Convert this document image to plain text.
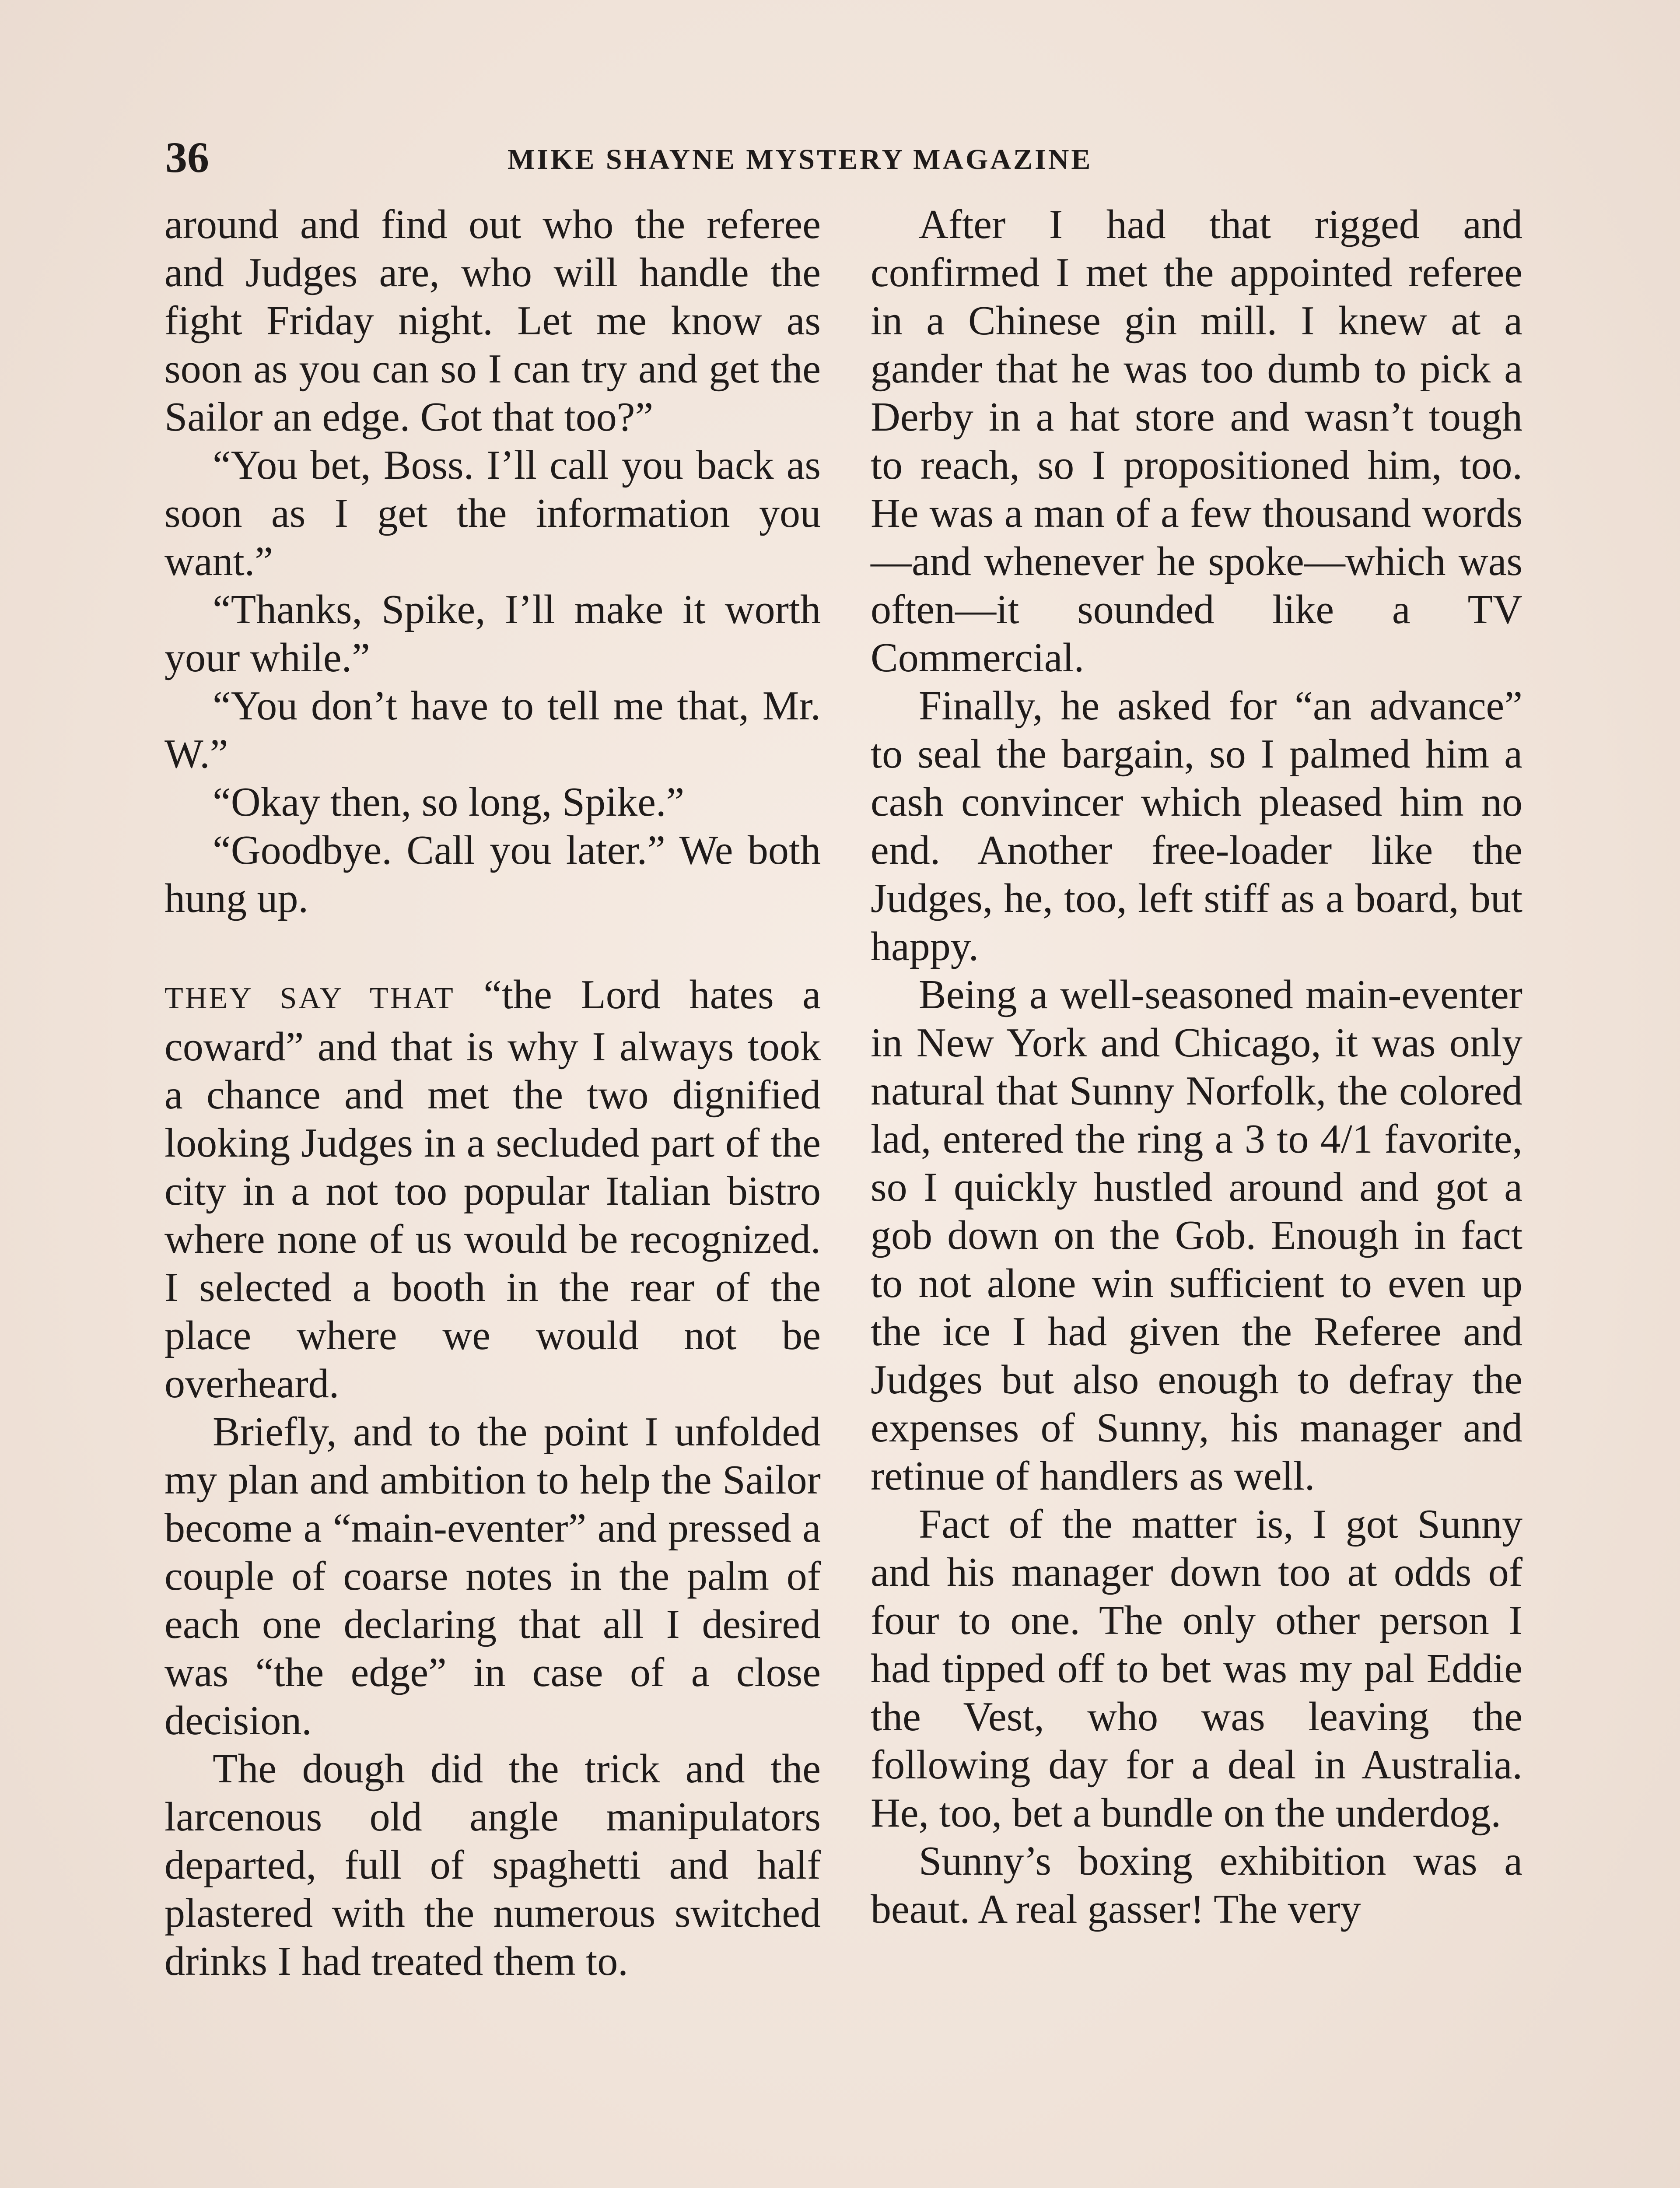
36	MIKE SHAYNE MYSTERY MAGAZINE

around and find out who the referee and Judges are, who will handle the fight Friday night. Let me know as soon as you can so I can try and get the Sailor an edge. Got that too?”

“You bet, Boss. I’ll call you back as soon as I get the information you want.”

“Thanks, Spike, I’ll make it worth your while.”

“You don’t have to tell me that, Mr. W.”

“Okay then, so long, Spike.”

“Goodbye. Call you later.” We both hung up.

THEY SAY THAT “the Lord hates a coward” and that is why I always took a chance and met the two dignified looking Judges in a secluded part of the city in a not too popular Italian bistro where none of us would be recognized. I selected a booth in the rear of the place where we would not be overheard.

Briefly, and to the point I unfolded my plan and ambition to help the Sailor become a “main-eventer” and pressed a couple of coarse notes in the palm of each one declaring that all I desired was “the edge” in case of a close decision.

The dough did the trick and the larcenous old angle manipulators departed, full of spaghetti and half plastered with the numerous switched drinks I had treated them to.

After I had that rigged and confirmed I met the appointed referee in a Chinese gin mill. I knew at a gander that he was too dumb to pick a Derby in a hat store and wasn’t tough to reach, so I propositioned him, too. He was a man of a few thousand words—and whenever he spoke—which was often—it sounded like a TV Commercial.

Finally, he asked for “an advance” to seal the bargain, so I palmed him a cash convincer which pleased him no end. Another free-loader like the Judges, he, too, left stiff as a board, but happy.

Being a well-seasoned main-eventer in New York and Chicago, it was only natural that Sunny Norfolk, the colored lad, entered the ring a 3 to 4/1 favorite, so I quickly hustled around and got a gob down on the Gob. Enough in fact to not alone win sufficient to even up the ice I had given the Referee and Judges but also enough to defray the expenses of Sunny, his manager and retinue of handlers as well.

Fact of the matter is, I got Sunny and his manager down too at odds of four to one. The only other person I had tipped off to bet was my pal Eddie the Vest, who was leaving the following day for a deal in Australia. He, too, bet a bundle on the underdog.

Sunny’s boxing exhibition was a beaut. A real gasser! The very
